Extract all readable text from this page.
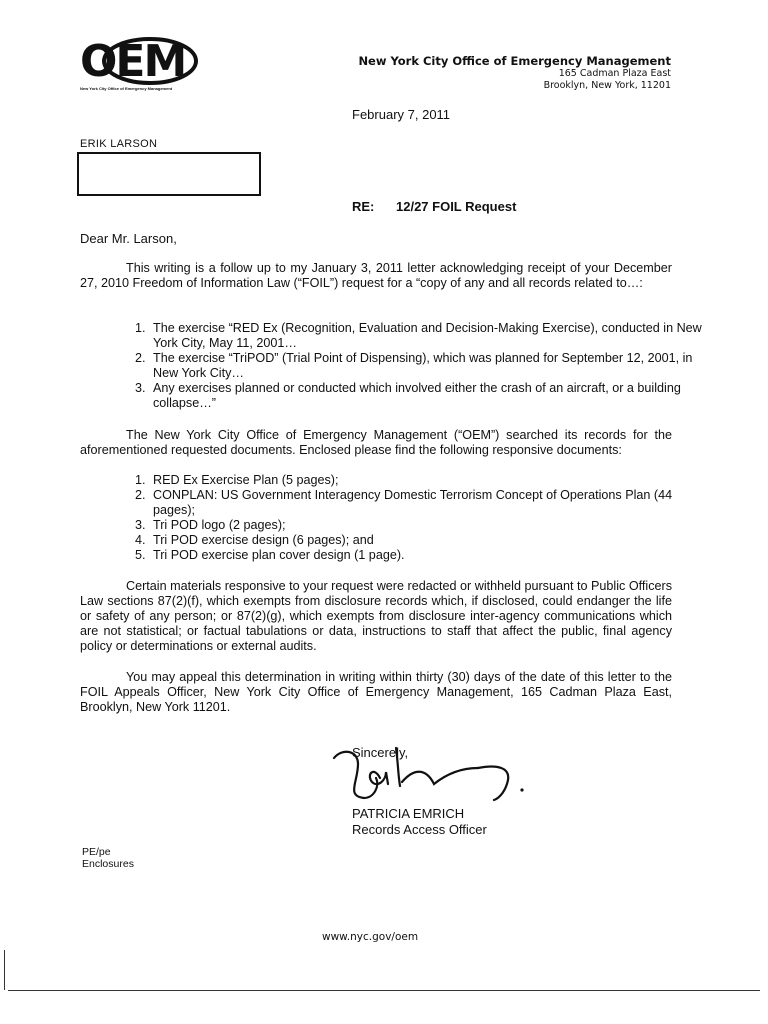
OEM
New York City Office of Emergency Management
New York City Office of Emergency Management
165 Cadman Plaza East
Brooklyn, New York, 11201
February 7, 2011
ERIK LARSON
RE: 12/27 FOIL Request
Dear Mr. Larson,
This writing is a follow up to my January 3, 2011 letter acknowledging receipt of your December 27, 2010 Freedom of Information Law (“FOIL”) request for a “copy of any and all records related to…:
1. The exercise “RED Ex (Recognition, Evaluation and Decision-Making Exercise), conducted in New York City, May 11, 2001…
2. The exercise “TriPOD” (Trial Point of Dispensing), which was planned for September 12, 2001, in New York City…
3. Any exercises planned or conducted which involved either the crash of an aircraft, or a building collapse…”
The New York City Office of Emergency Management (“OEM”) searched its records for the aforementioned requested documents. Enclosed please find the following responsive documents:
1. RED Ex Exercise Plan (5 pages);
2. CONPLAN: US Government Interagency Domestic Terrorism Concept of Operations Plan (44 pages);
3. Tri POD logo (2 pages);
4. Tri POD exercise design (6 pages); and
5. Tri POD exercise plan cover design (1 page).
Certain materials responsive to your request were redacted or withheld pursuant to Public Officers Law sections 87(2)(f), which exempts from disclosure records which, if disclosed, could endanger the life or safety of any person; or 87(2)(g), which exempts from disclosure inter-agency communications which are not statistical; or factual tabulations or data, instructions to staff that affect the public, final agency policy or determinations or external audits.
You may appeal this determination in writing within thirty (30) days of the date of this letter to the FOIL Appeals Officer, New York City Office of Emergency Management, 165 Cadman Plaza East, Brooklyn, New York 11201.
Sincerely,
PATRICIA EMRICH
Records Access Officer
PE/pe
Enclosures
www.nyc.gov/oem
